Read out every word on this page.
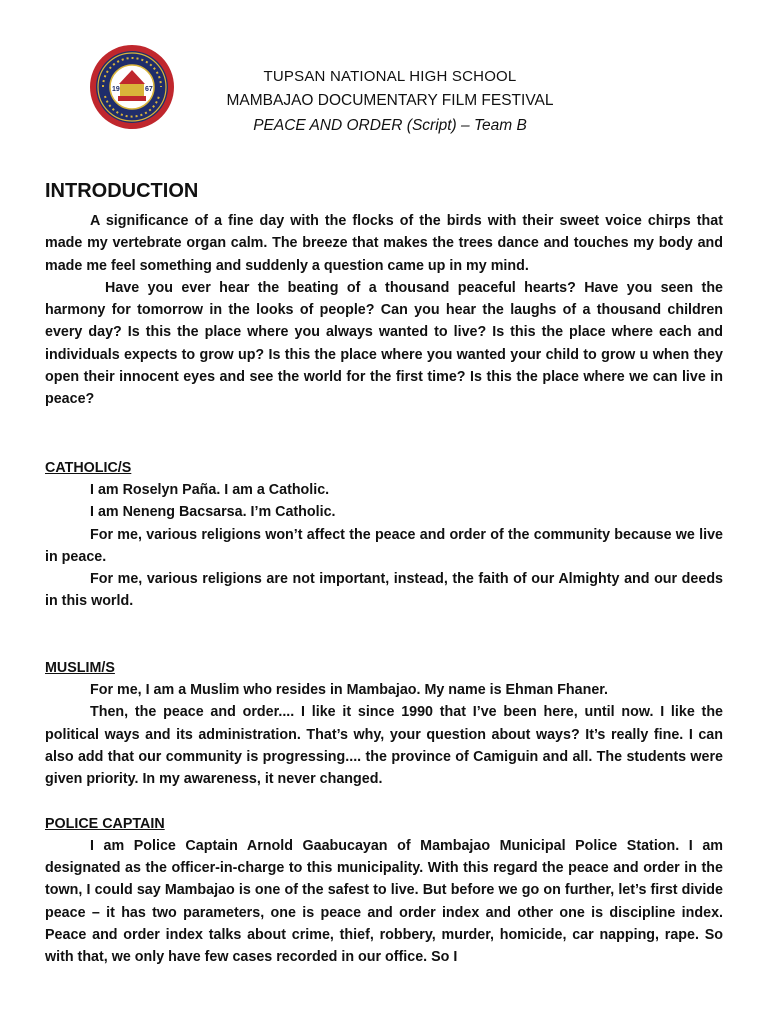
19	67
TUPSAN NATIONAL HIGH SCHOOL
MAMBAJAO DOCUMENTARY FILM FESTIVAL
PEACE AND ORDER (Script) – Team B
INTRODUCTION

A significance of a fine day with the flocks of the birds with their sweet voice chirps that made my vertebrate organ calm. The breeze that makes the trees dance and touches my body and made me feel something and suddenly a question came up in my mind.

Have you ever hear the beating of a thousand peaceful hearts? Have you seen the harmony for tomorrow in the looks of people? Can you hear the laughs of a thousand children every day? Is this the place where you always wanted to live? Is this the place where each and individuals expects to grow up? Is this the place where you wanted your child to grow u when they open their innocent eyes and see the world for the first time? Is this the place where we can live in peace?

CATHOLIC/S

I am Roselyn Paña. I am a Catholic.

I am Neneng Bacsarsa. I’m Catholic.

For me, various religions won’t affect the peace and order of the community because we live in peace.

For me, various religions are not important, instead, the faith of our Almighty and our deeds in this world.

MUSLIM/S

For me, I am a Muslim who resides in Mambajao. My name is Ehman Fhaner.

Then, the peace and order.... I like it since 1990 that I’ve been here, until now. I like the political ways and its administration. That’s why, your question about ways? It’s really fine. I can also add that our community is progressing.... the province of Camiguin and all. The students were given priority. In my awareness, it never changed.

POLICE CAPTAIN

I am Police Captain Arnold Gaabucayan of Mambajao Municipal Police Station. I am designated as the officer-in-charge to this municipality. With this regard the peace and order in the town, I could say Mambajao is one of the safest to live. But before we go on further, let’s first divide peace – it has two parameters, one is peace and order index and other one is discipline index. Peace and order index talks about crime, thief, robbery, murder, homicide, car napping, rape. So with that, we only have few cases recorded in our office. So I
